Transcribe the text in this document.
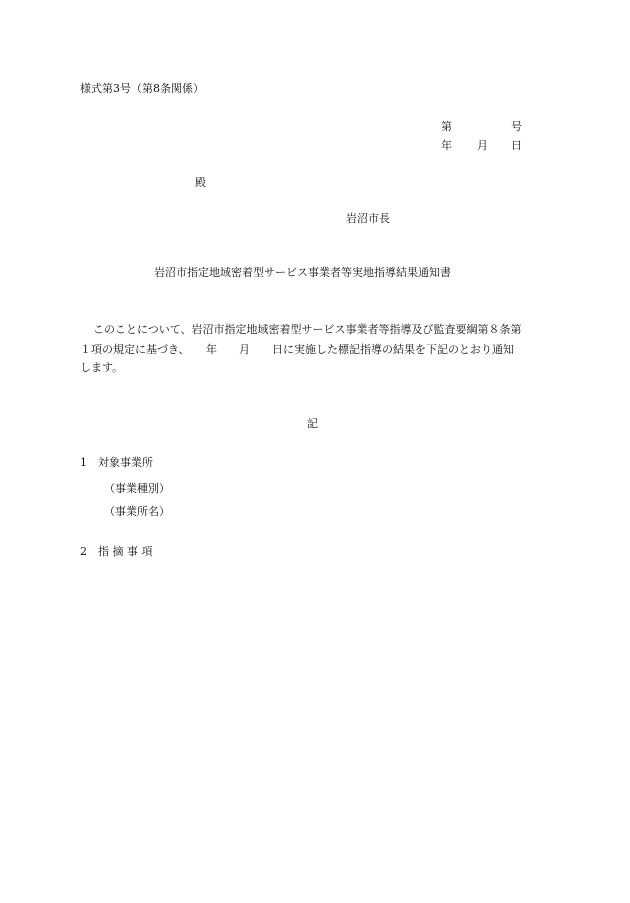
様式第3号（第8条関係）
第	号
年 月 日
殿
岩沼市長
岩沼市指定地域密着型サービス事業者等実地指導結果通知書
このことについて、岩沼市指定地域密着型サービス事業者等指導及び監査要綱第８条第
１項の規定に基づき、　　年　　月　　日に実施した標記指導の結果を下記のとおり通知
します。
記
1　対象事業所
（事業種別）
（事業所名）
2　指 摘 事 項
